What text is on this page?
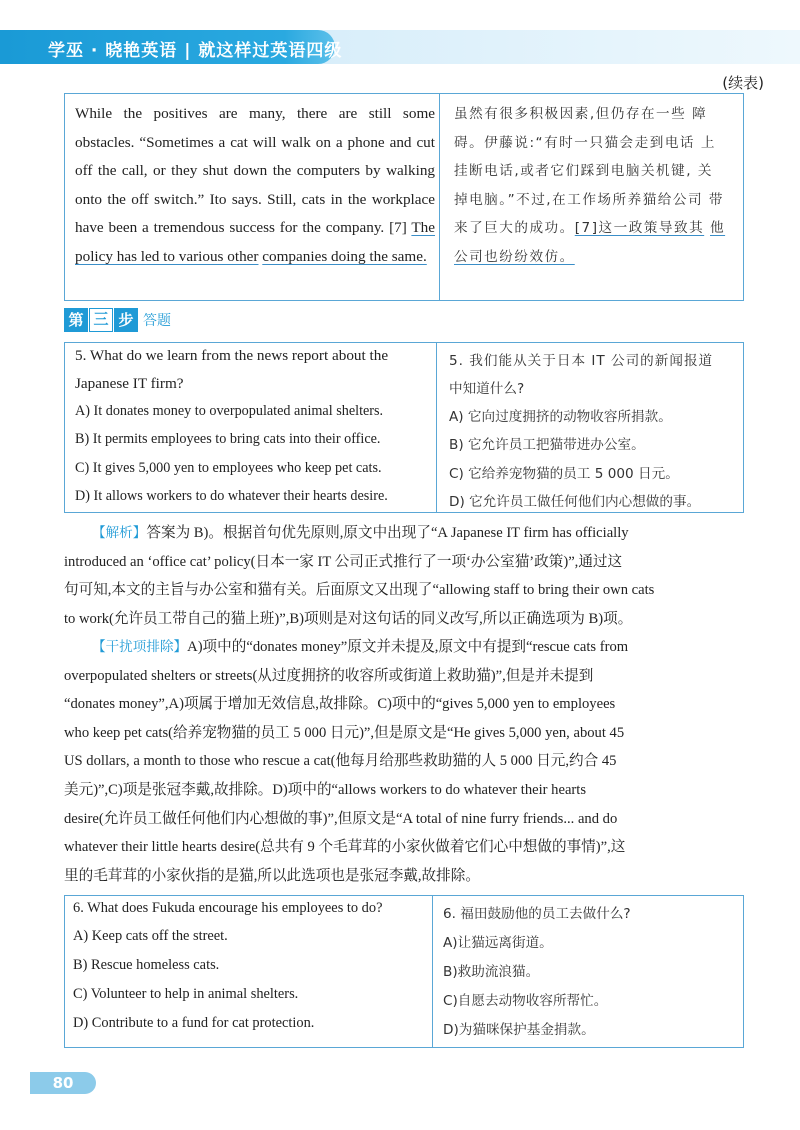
学巫 · 晓艳英语 | 就这样过英语四级
(续表)

While the positives are many, there are still some obstacles. “Sometimes a cat will walk on a phone and cut off the call, or they shut down the computers by walking onto the off switch.” Ito says. Still, cats in the workplace have been a tremendous success for the company. [7] The policy has led to various other companies doing the same.

虽然有很多积极因素,但仍存在一些 障碍。伊藤说:“有时一只猫会走到电话 上挂断电话,或者它们踩到电脑关机键, 关掉电脑。”不过,在工作场所养猫给公司 带来了巨大的成功。[7]这一政策导致其 他公司也纷纷效仿。

第 三 步 答题
5. What do we learn from the news report about the
Japanese IT firm?
A) It donates money to overpopulated animal shelters.
B) It permits employees to bring cats into their office.
C) It gives 5,000 yen to employees who keep pet cats.
D) It allows workers to do whatever their hearts desire.
5. 我们能从关于日本 IT 公司的新闻报道
中知道什么?
A) 它向过度拥挤的动物收容所捐款。
B) 它允许员工把猫带进办公室。
C) 它给养宠物猫的员工 5 000 日元。
D) 它允许员工做任何他们内心想做的事。
【解析】答案为 B)。根据首句优先原则,原文中出现了“A Japanese IT firm has officially
introduced an ‘office cat’ policy(日本一家 IT 公司正式推行了一项‘办公室猫’政策)”,通过这
句可知,本文的主旨与办公室和猫有关。后面原文又出现了“allowing staff to bring their own cats
to work(允许员工带自己的猫上班)”,B)项则是对这句话的同义改写,所以正确选项为 B)项。
【干扰项排除】A)项中的“donates money”原文并未提及,原文中有提到“rescue cats from
overpopulated shelters or streets(从过度拥挤的收容所或街道上救助猫)”,但是并未提到
“donates money”,A)项属于增加无效信息,故排除。C)项中的“gives 5,000 yen to employees
who keep pet cats(给养宠物猫的员工 5 000 日元)”,但是原文是“He gives 5,000 yen, about 45
US dollars, a month to those who rescue a cat(他每月给那些救助猫的人 5 000 日元,约合 45
美元)”,C)项是张冠李戴,故排除。D)项中的“allows workers to do whatever their hearts
desire(允许员工做任何他们内心想做的事)”,但原文是“A total of nine furry friends... and do
whatever their little hearts desire(总共有 9 个毛茸茸的小家伙做着它们心中想做的事情)”,这
里的毛茸茸的小家伙指的是猫,所以此选项也是张冠李戴,故排除。
6. What does Fukuda encourage his employees to do?
A) Keep cats off the street.
B) Rescue homeless cats.
C) Volunteer to help in animal shelters.
D) Contribute to a fund for cat protection.
6. 福田鼓励他的员工去做什么?
A)让猫远离街道。
B)救助流浪猫。
C)自愿去动物收容所帮忙。
D)为猫咪保护基金捐款。
80
